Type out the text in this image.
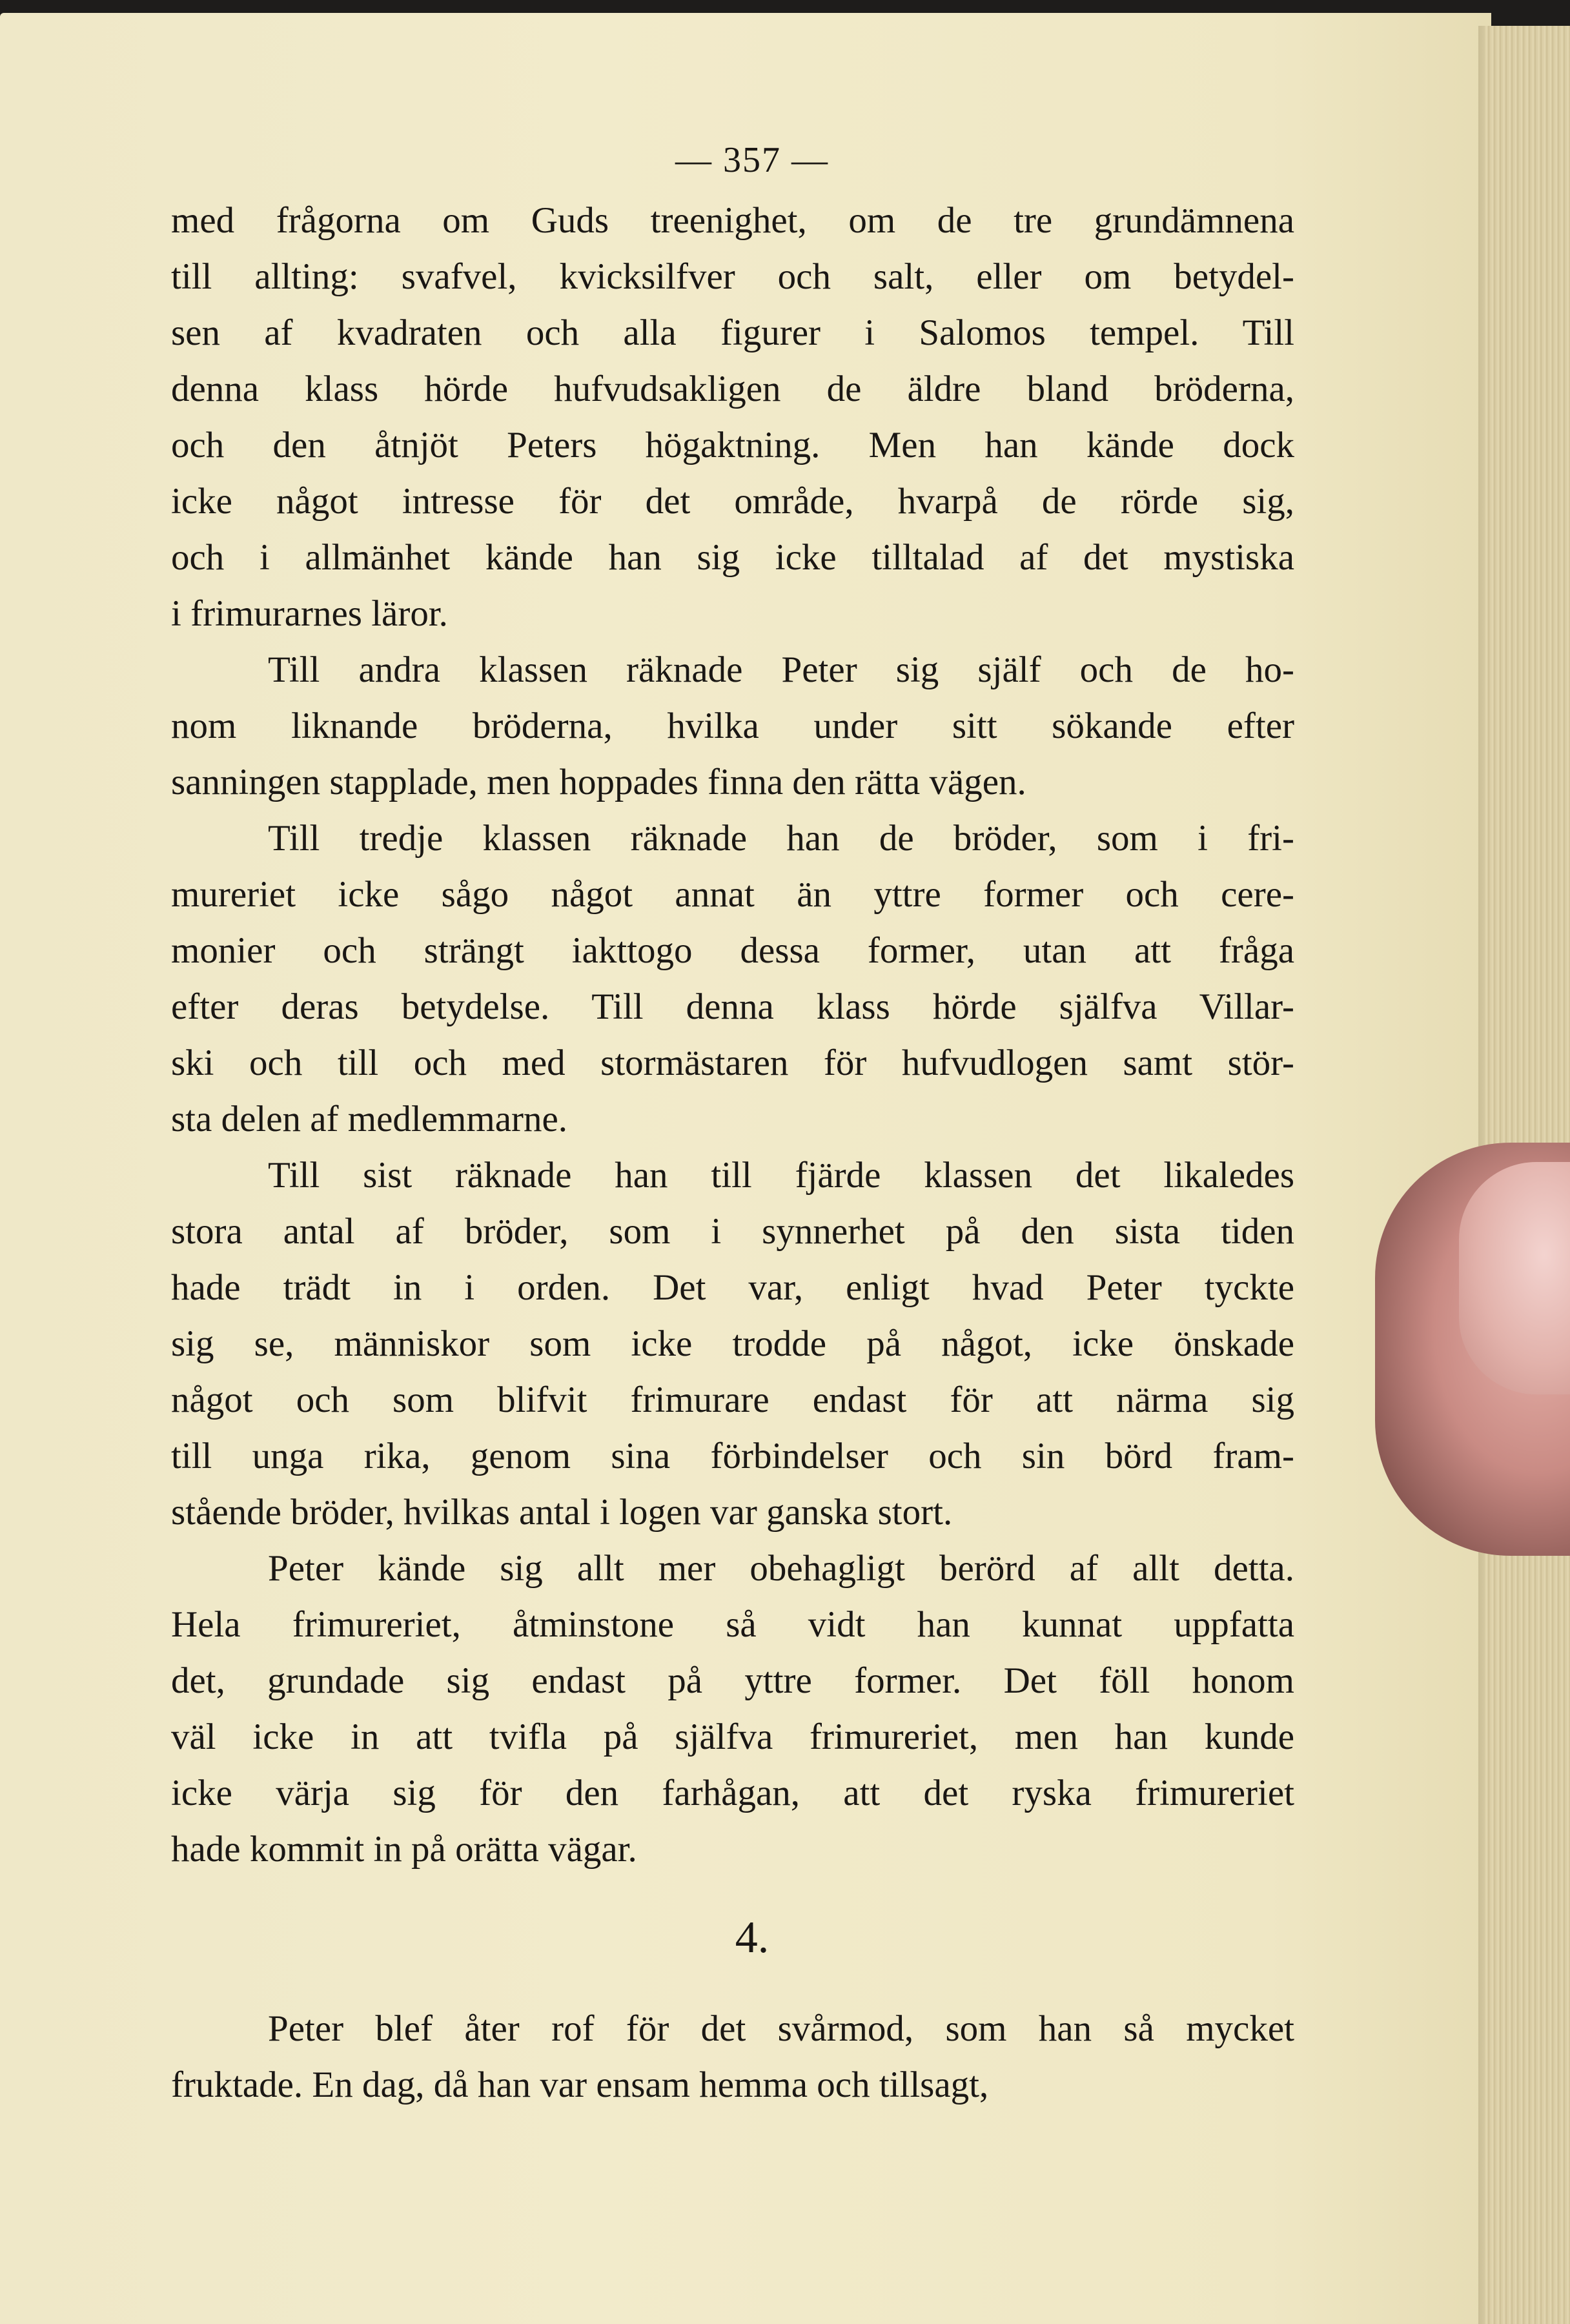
— 357 —

med frågorna om Guds treenighet, om de tre grundämnena
till allting: svafvel, kvicksilfver och salt, eller om betydel-
sen af kvadraten och alla figurer i Salomos tempel. Till
denna klass hörde hufvudsakligen de äldre bland bröderna,
och den åtnjöt Peters högaktning. Men han kände dock
icke något intresse för det område, hvarpå de rörde sig,
och i allmänhet kände han sig icke tilltalad af det mystiska
i frimurarnes läror.

Till andra klassen räknade Peter sig själf och de ho-
nom liknande bröderna, hvilka under sitt sökande efter
sanningen stapplade, men hoppades finna den rätta vägen.

Till tredje klassen räknade han de bröder, som i fri-
mureriet icke sågo något annat än yttre former och cere-
monier och strängt iakttogo dessa former, utan att fråga
efter deras betydelse. Till denna klass hörde själfva Villar-
ski och till och med stormästaren för hufvudlogen samt stör-
sta delen af medlemmarne.

Till sist räknade han till fjärde klassen det likaledes
stora antal af bröder, som i synnerhet på den sista tiden
hade trädt in i orden. Det var, enligt hvad Peter tyckte
sig se, människor som icke trodde på något, icke önskade
något och som blifvit frimurare endast för att närma sig
till unga rika, genom sina förbindelser och sin börd fram-
stående bröder, hvilkas antal i logen var ganska stort.

Peter kände sig allt mer obehagligt berörd af allt detta.
Hela frimureriet, åtminstone så vidt han kunnat uppfatta
det, grundade sig endast på yttre former. Det föll honom
väl icke in att tvifla på själfva frimureriet, men han kunde
icke värja sig för den farhågan, att det ryska frimureriet
hade kommit in på orätta vägar.

4.

Peter blef åter rof för det svårmod, som han så mycket
fruktade. En dag, då han var ensam hemma och tillsagt,
